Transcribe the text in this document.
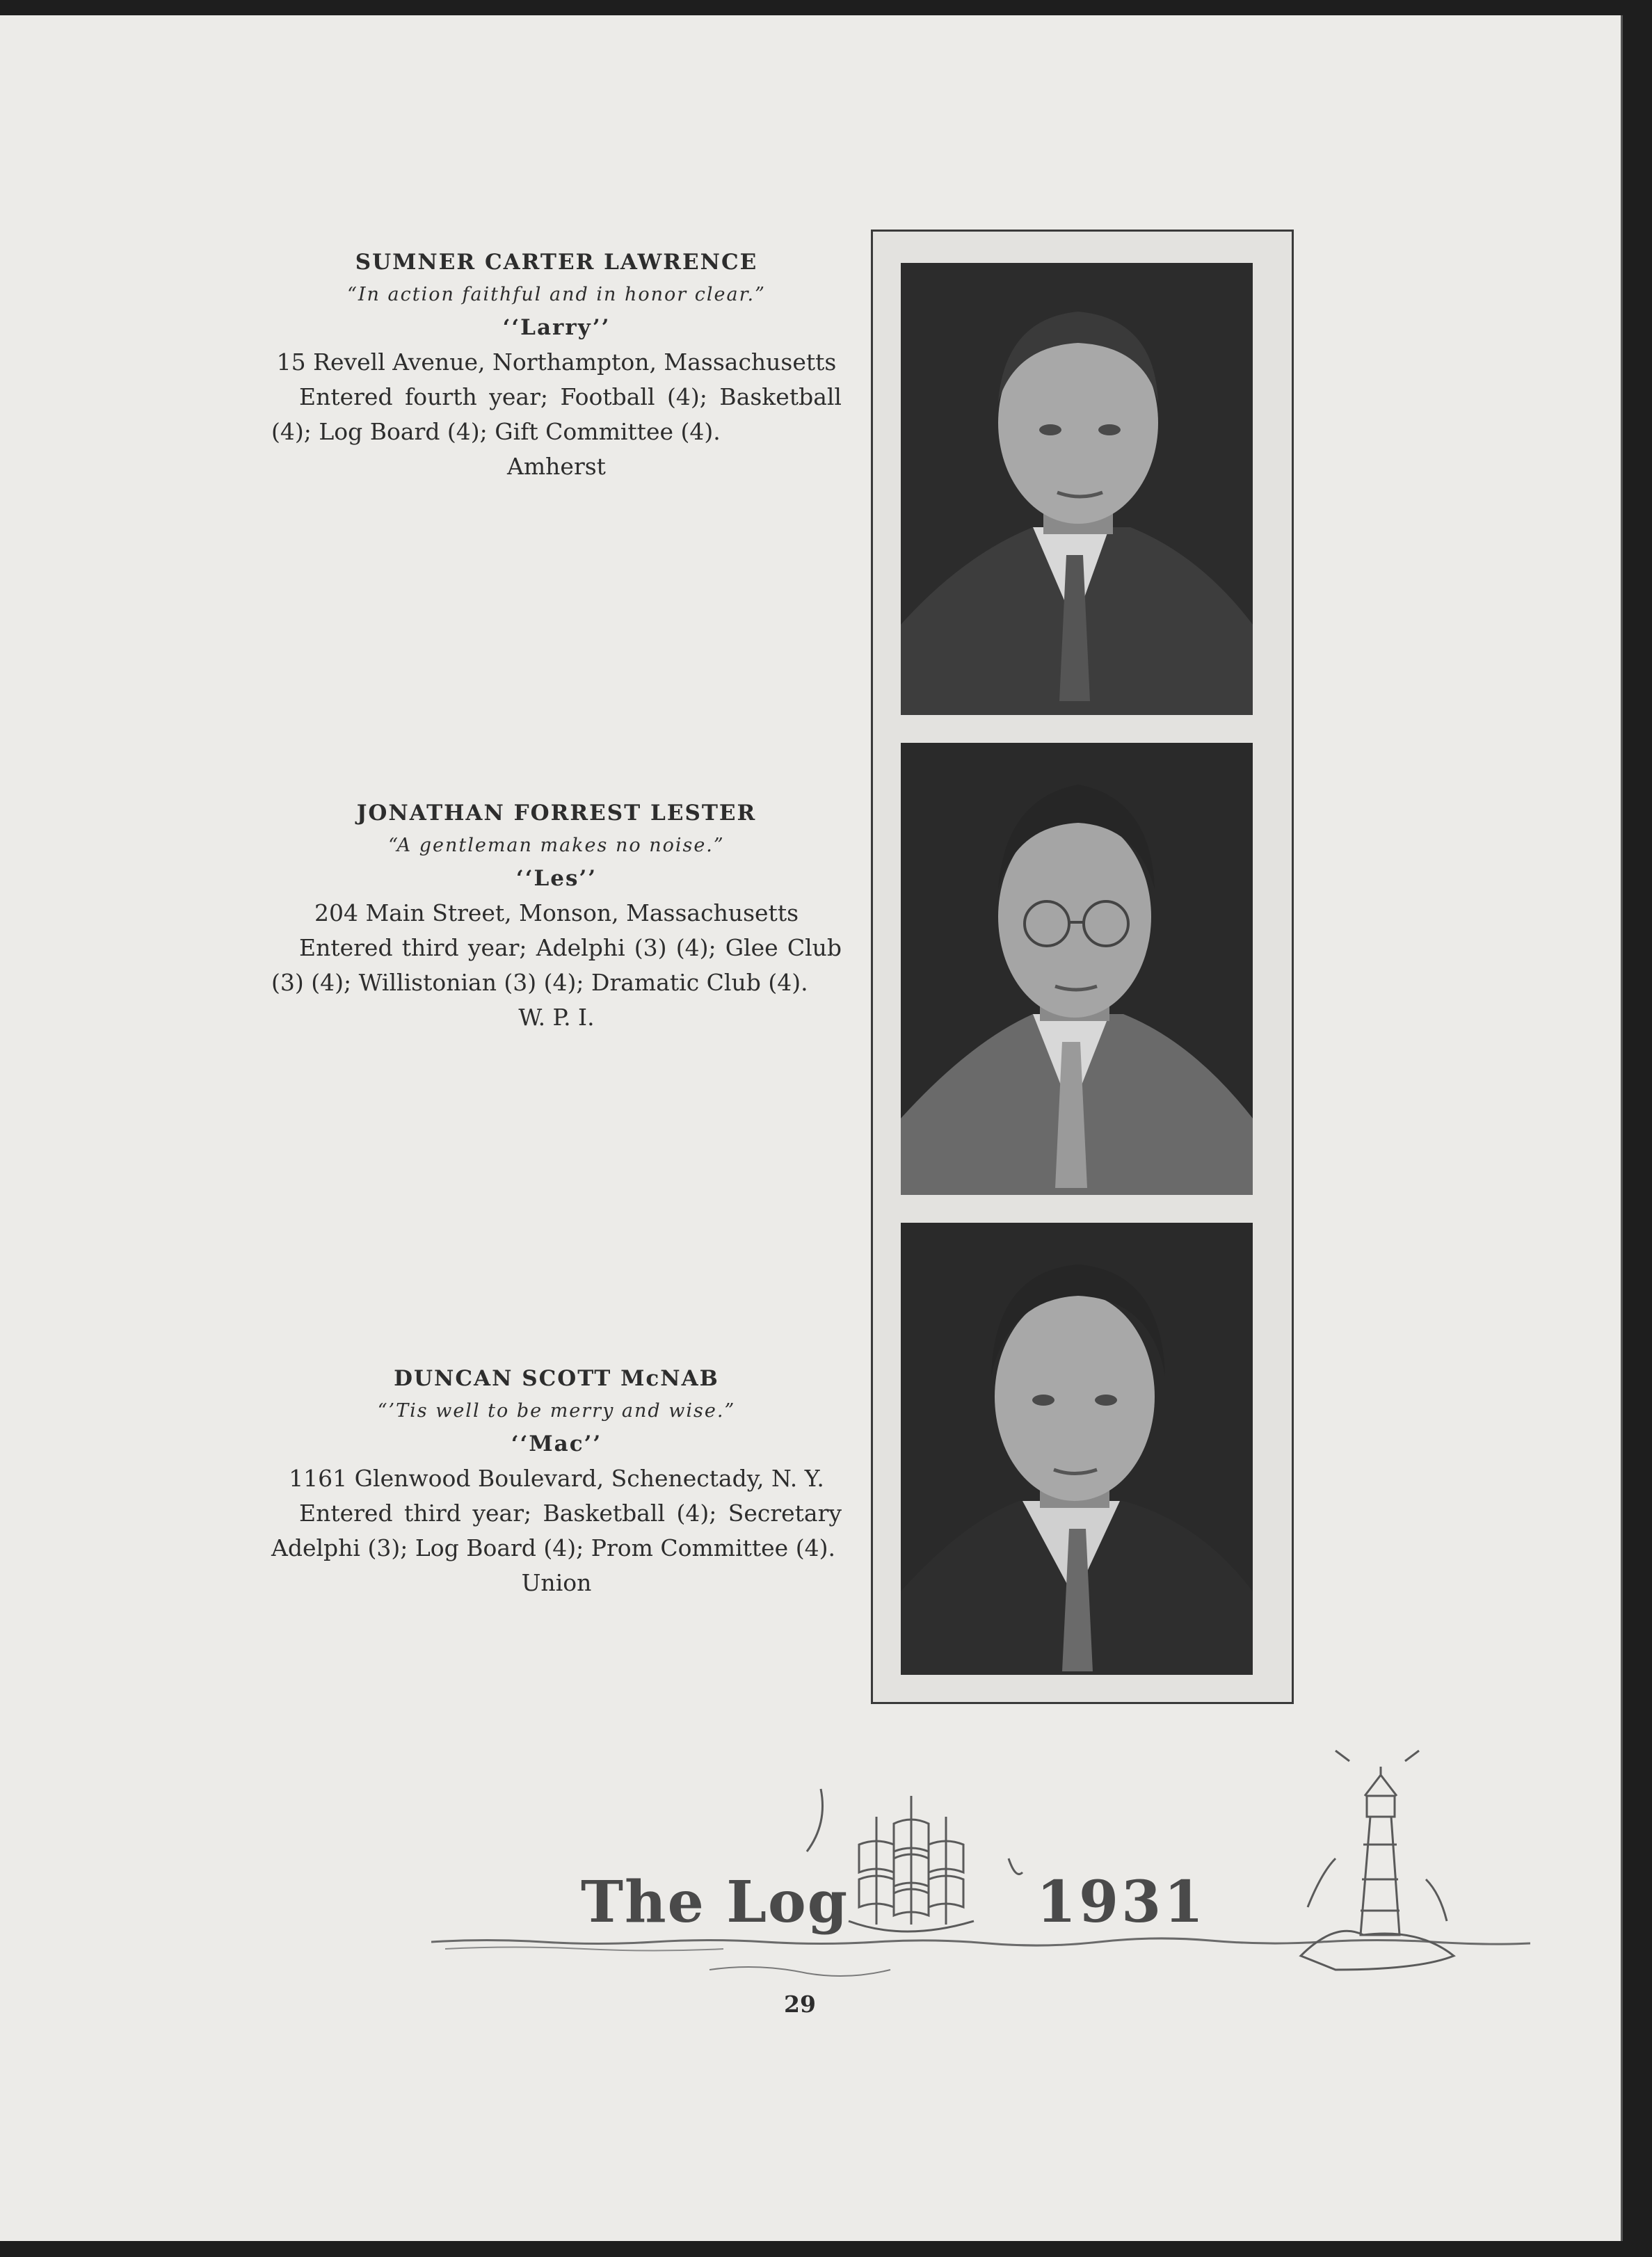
SUMNER CARTER LAWRENCE

“In action faithful and in honor clear.”

‘‘Larry’’

15 Revell Avenue, Northampton, Massachusetts

Entered fourth year; Football (4); Basketball (4); Log Board (4); Gift Committee (4).

Amherst

JONATHAN FORREST LESTER

“A gentleman makes no noise.”

‘‘Les’’

204 Main Street, Monson, Massachusetts

Entered third year; Adelphi (3) (4); Glee Club (3) (4); Willistonian (3) (4); Dramatic Club (4).

W. P. I.

DUNCAN SCOTT McNAB

“’Tis well to be merry and wise.”

‘‘Mac’’

1161 Glenwood Boulevard, Schenectady, N. Y.

Entered third year; Basketball (4); Secretary Adelphi (3); Log Board (4); Prom Committee (4).

Union

The Log	1931
29
